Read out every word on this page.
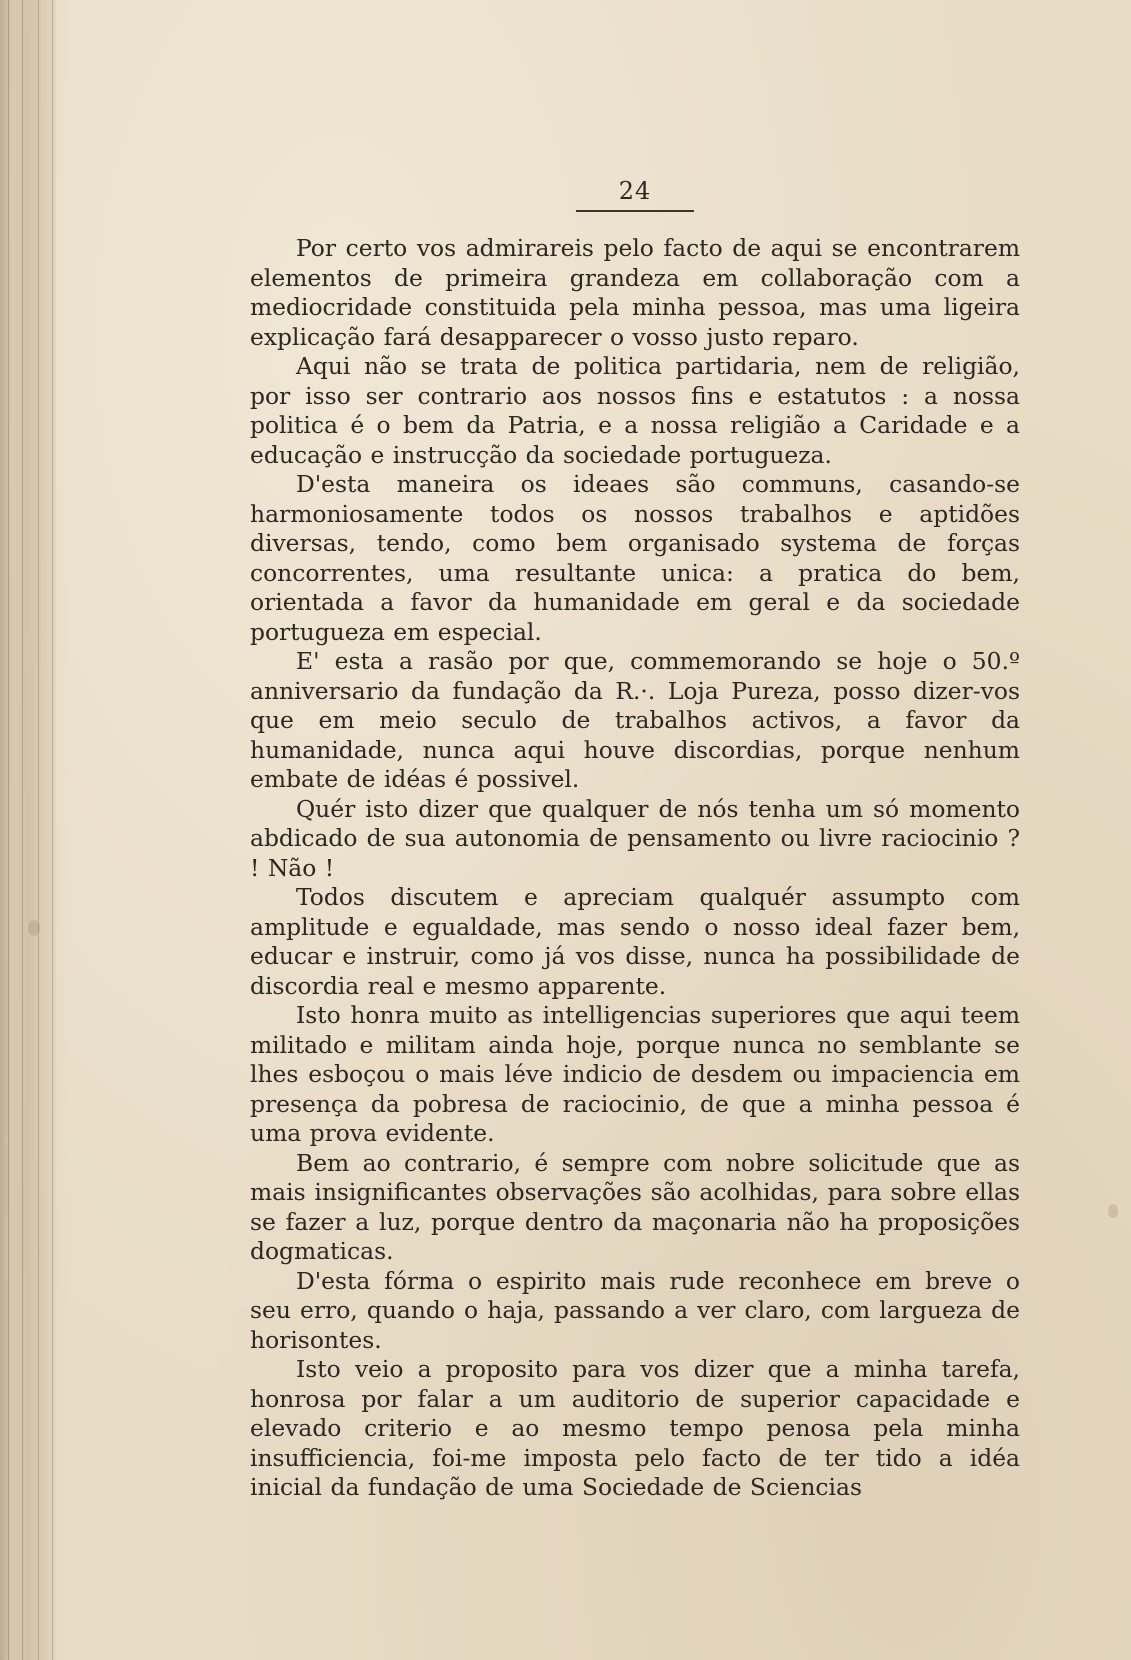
24

Por certo vos admirareis pelo facto de aqui se encontrarem elementos de primeira grandeza em collaboração com a mediocridade constituida pela minha pessoa, mas uma ligeira explicação fará desapparecer o vosso justo reparo.

Aqui não se trata de politica partidaria, nem de religião, por isso ser contrario aos nossos fins e estatutos : a nossa politica é o bem da Patria, e a nossa religião a Caridade e a educação e instrucção da sociedade portugueza.

D'esta maneira os ideaes são communs, casando-se harmoniosamente todos os nossos trabalhos e aptidões diversas, tendo, como bem organisado systema de forças concorrentes, uma resultante unica: a pratica do bem, orientada a favor da humanidade em geral e da sociedade portugueza em especial.

E' esta a rasão por que, commemorando se hoje o 50.º anniversario da fundação da R.·. Loja Pureza, posso dizer-vos que em meio seculo de trabalhos activos, a favor da humanidade, nunca aqui houve discordias, porque nenhum embate de idéas é possivel.

Quér isto dizer que qualquer de nós tenha um só momento abdicado de sua autonomia de pensamento ou livre raciocinio ? ! Não !

Todos discutem e apreciam qualquér assumpto com amplitude e egualdade, mas sendo o nosso ideal fazer bem, educar e instruir, como já vos disse, nunca ha possibilidade de discordia real e mesmo apparente.

Isto honra muito as intelligencias superiores que aqui teem militado e militam ainda hoje, porque nunca no semblante se lhes esboçou o mais léve indicio de desdem ou impaciencia em presença da pobresa de raciocinio, de que a minha pessoa é uma prova evidente.

Bem ao contrario, é sempre com nobre solicitude que as mais insignificantes observações são acolhidas, para sobre ellas se fazer a luz, porque dentro da maçonaria não ha proposições dogmaticas.

D'esta fórma o espirito mais rude reconhece em breve o seu erro, quando o haja, passando a ver claro, com largueza de horisontes.

Isto veio a proposito para vos dizer que a minha tarefa, honrosa por falar a um auditorio de superior capacidade e elevado criterio e ao mesmo tempo penosa pela minha insufficiencia, foi-me imposta pelo facto de ter tido a idéa inicial da fundação de uma Sociedade de Sciencias
